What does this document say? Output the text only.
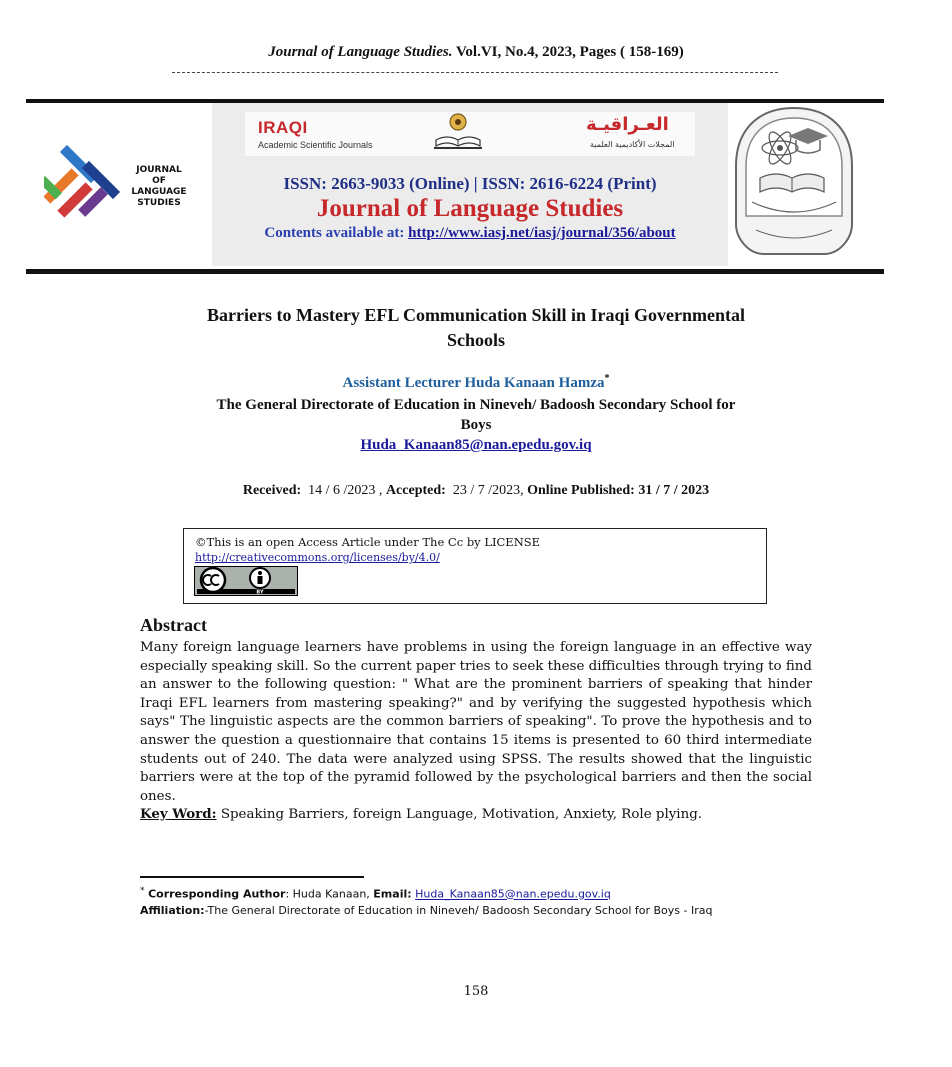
Journal of Language Studies. Vol.VI, No.4, 2023, Pages ( 158-169)
JOURNAL
OF
LANGUAGE
STUDIES
IRAQI
Academic Scientific Journals
العـراقيـة
المجلات الأكاديمية العلمية
ISSN: 2663-9033 (Online) | ISSN: 2616-6224 (Print)
Journal of Language Studies
Contents available at: http://www.iasj.net/iasj/journal/356/about
Barriers to Mastery EFL Communication Skill in Iraqi Governmental
Schools
Assistant Lecturer Huda Kanaan Hamza*
The General Directorate of Education in Nineveh/ Badoosh Secondary School for
Boys
Huda_Kanaan85@nan.epedu.gov.iq
Received: 14 / 6 /2023 , Accepted: 23 / 7 /2023, Online Published: 31 / 7 / 2023
©This is an open Access Article under The Cc by LICENSE
http://creativecommons.org/licenses/by/4.0/
BY
Abstract
Many foreign language learners have problems in using the foreign language in an effective way especially speaking skill. So the current paper tries to seek these difficulties through trying to find an answer to the following question: " What are the prominent barriers of speaking that hinder Iraqi EFL learners from mastering speaking?" and by verifying the suggested hypothesis which says" The linguistic aspects are the common barriers of speaking". To prove the hypothesis and to answer the question a questionnaire that contains 15 items is presented to 60 third intermediate students out of 240. The data were analyzed using SPSS. The results showed that the linguistic barriers were at the top of the pyramid followed by the psychological barriers and then the social ones.
Key Word: Speaking Barriers, foreign Language, Motivation, Anxiety, Role plying.
* Corresponding Author: Huda Kanaan, Email: Huda_Kanaan85@nan.epedu.gov.iq
Affiliation:-The General Directorate of Education in Nineveh/ Badoosh Secondary School for Boys - Iraq
158
